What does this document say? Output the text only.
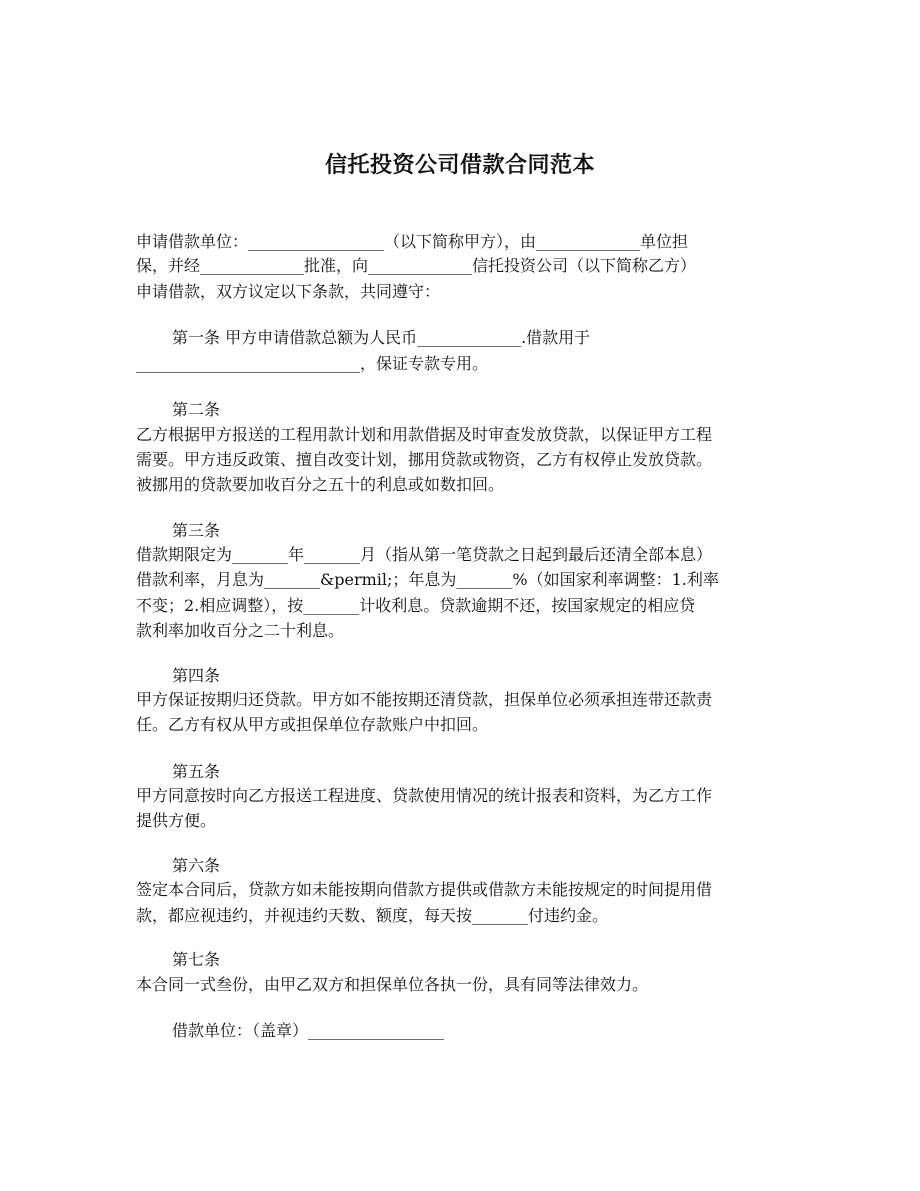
信托投资公司借款合同范本
申请借款单位：_________________（以下简称甲方），由_____________单位担
保，并经_____________批准，向_____________信托投资公司（以下简称乙方）
申请借款，双方议定以下条款，共同遵守：
第一条 甲方申请借款总额为人民币_____________.借款用于
____________________________，保证专款专用。
第二条
乙方根据甲方报送的工程用款计划和用款借据及时审查发放贷款，以保证甲方工程
需要。甲方违反政策、擅自改变计划，挪用贷款或物资，乙方有权停止发放贷款。
被挪用的贷款要加收百分之五十的利息或如数扣回。
第三条
借款期限定为_______年_______月（指从第一笔贷款之日起到最后还清全部本息）
借款利率，月息为_______&permil;；年息为_______%（如国家利率调整：1.利率
不变；2.相应调整），按_______计收利息。贷款逾期不还，按国家规定的相应贷
款利率加收百分之二十利息。
第四条
甲方保证按期归还贷款。甲方如不能按期还清贷款，担保单位必须承担连带还款责
任。乙方有权从甲方或担保单位存款账户中扣回。
第五条
甲方同意按时向乙方报送工程进度、贷款使用情况的统计报表和资料，为乙方工作
提供方便。
第六条
签定本合同后，贷款方如未能按期向借款方提供或借款方未能按规定的时间提用借
款，都应视违约，并视违约天数、额度，每天按_______付违约金。
第七条
本合同一式叁份，由甲乙双方和担保单位各执一份，具有同等法律效力。
借款单位：（盖章）_________________
